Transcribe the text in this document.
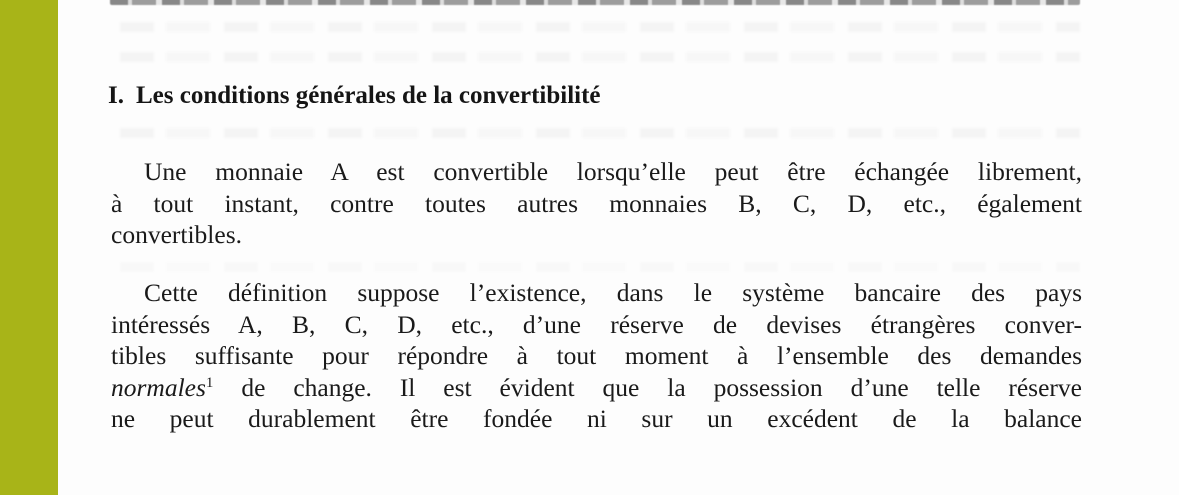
I. Les conditions générales de la convertibilité
Une monnaie A est convertible lorsqu’elle peut être échangée librement,
à tout instant, contre toutes autres monnaies B, C, D, etc., également
convertibles.
Cette définition suppose l’existence, dans le système bancaire des pays
intéressés A, B, C, D, etc., d’une réserve de devises étrangères conver-
tibles suffisante pour répondre à tout moment à l’ensemble des demandes
normales$^1$ de change. Il est évident que la possession d’une telle réserve
ne peut durablement être fondée ni sur un excédent de la balance
